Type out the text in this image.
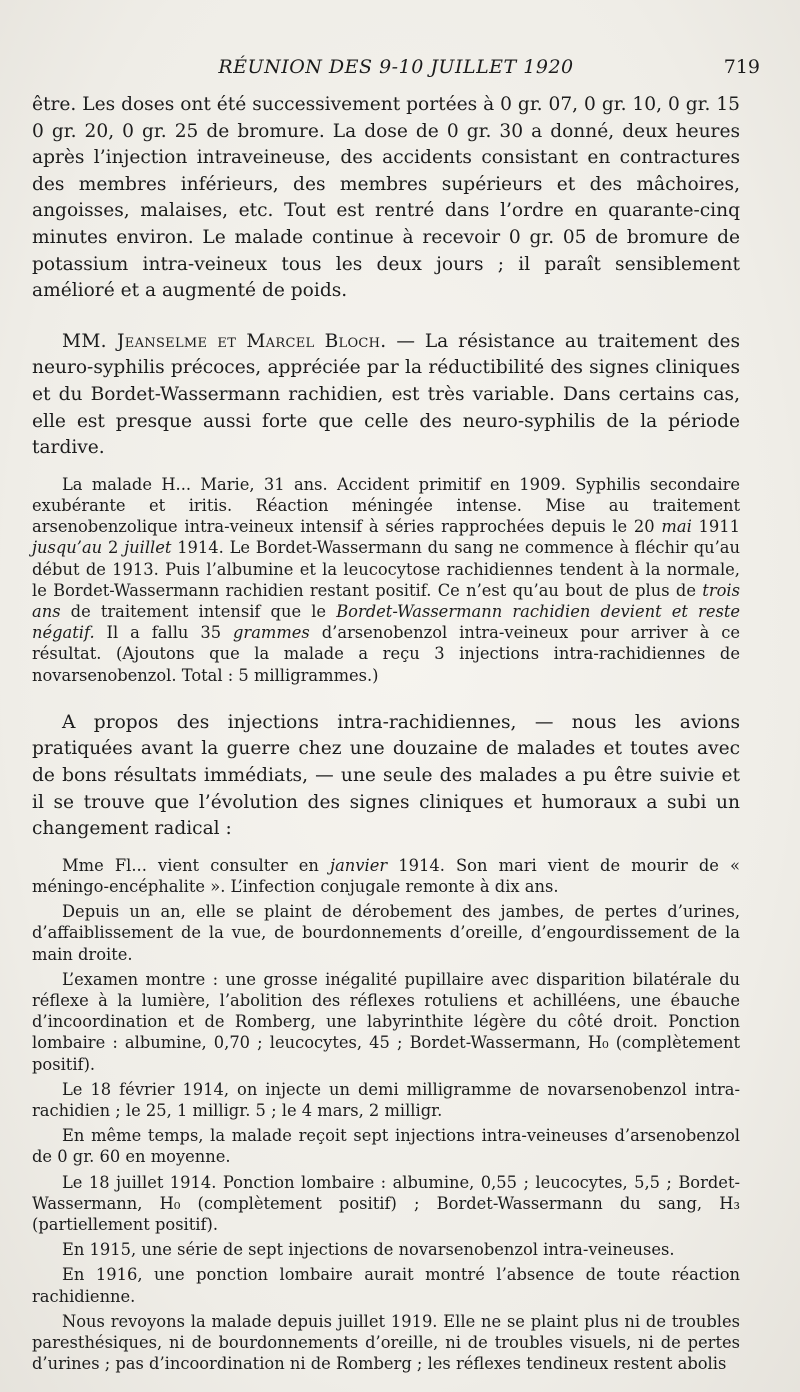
RÉUNION DES 9-10 JUILLET 1920	719

être. Les doses ont été successivement portées à 0 gr. 07, 0 gr. 10, 0 gr. 15 0 gr. 20, 0 gr. 25 de bromure. La dose de 0 gr. 30 a donné, deux heures après l’injection intraveineuse, des accidents consistant en contractures des membres inférieurs, des membres supérieurs et des mâchoires, angoisses, malaises, etc. Tout est rentré dans l’ordre en quarante-cinq minutes environ. Le malade continue à recevoir 0 gr. 05 de bromure de potassium intra-veineux tous les deux jours ; il paraît sensiblement amélioré et a augmenté de poids.

MM. Jeanselme et Marcel Bloch. — La résistance au traitement des neuro-syphilis précoces, appréciée par la réductibilité des signes cliniques et du Bordet-Wassermann rachidien, est très variable. Dans certains cas, elle est presque aussi forte que celle des neuro-syphilis de la période tardive.

La malade H... Marie, 31 ans. Accident primitif en 1909. Syphilis secondaire exubérante et iritis. Réaction méningée intense. Mise au traitement arsenobenzolique intra-veineux intensif à séries rapprochées depuis le 20 mai 1911 jusqu’au 2 juillet 1914. Le Bordet-Wassermann du sang ne commence à fléchir qu’au début de 1913. Puis l’albumine et la leucocytose rachidiennes tendent à la normale, le Bordet-Wassermann rachidien restant positif. Ce n’est qu’au bout de plus de trois ans de traitement intensif que le Bordet-Wassermann rachidien devient et reste négatif. Il a fallu 35 grammes d’arsenobenzol intra-veineux pour arriver à ce résultat. (Ajoutons que la malade a reçu 3 injections intra-rachidiennes de novarsenobenzol. Total : 5 milligrammes.)

A propos des injections intra-rachidiennes, — nous les avions pratiquées avant la guerre chez une douzaine de malades et toutes avec de bons résultats immédiats, — une seule des malades a pu être suivie et il se trouve que l’évolution des signes cliniques et humoraux a subi un changement radical :

Mme Fl... vient consulter en janvier 1914. Son mari vient de mourir de « méningo-encéphalite ». L’infection conjugale remonte à dix ans.

Depuis un an, elle se plaint de dérobement des jambes, de pertes d’urines, d’affaiblissement de la vue, de bourdonnements d’oreille, d’engourdissement de la main droite.

L’examen montre : une grosse inégalité pupillaire avec disparition bilatérale du réflexe à la lumière, l’abolition des réflexes rotuliens et achilléens, une ébauche d’incoordination et de Romberg, une labyrinthite légère du côté droit. Ponction lombaire : albumine, 0,70 ; leucocytes, 45 ; Bordet-Wassermann, H₀ (complètement positif).

Le 18 février 1914, on injecte un demi milligramme de novarsenobenzol intra-rachidien ; le 25, 1 milligr. 5 ; le 4 mars, 2 milligr.

En même temps, la malade reçoit sept injections intra-veineuses d’arsenobenzol de 0 gr. 60 en moyenne.

Le 18 juillet 1914. Ponction lombaire : albumine, 0,55 ; leucocytes, 5,5 ; Bordet-Wassermann, H₀ (complètement positif) ; Bordet-Wassermann du sang, H₃ (partiellement positif).

En 1915, une série de sept injections de novarsenobenzol intra-veineuses.

En 1916, une ponction lombaire aurait montré l’absence de toute réaction rachidienne.

Nous revoyons la malade depuis juillet 1919. Elle ne se plaint plus ni de troubles paresthésiques, ni de bourdonnements d’oreille, ni de troubles visuels, ni de pertes d’urines ; pas d’incoordination ni de Romberg ; les réflexes tendineux restent abolis
